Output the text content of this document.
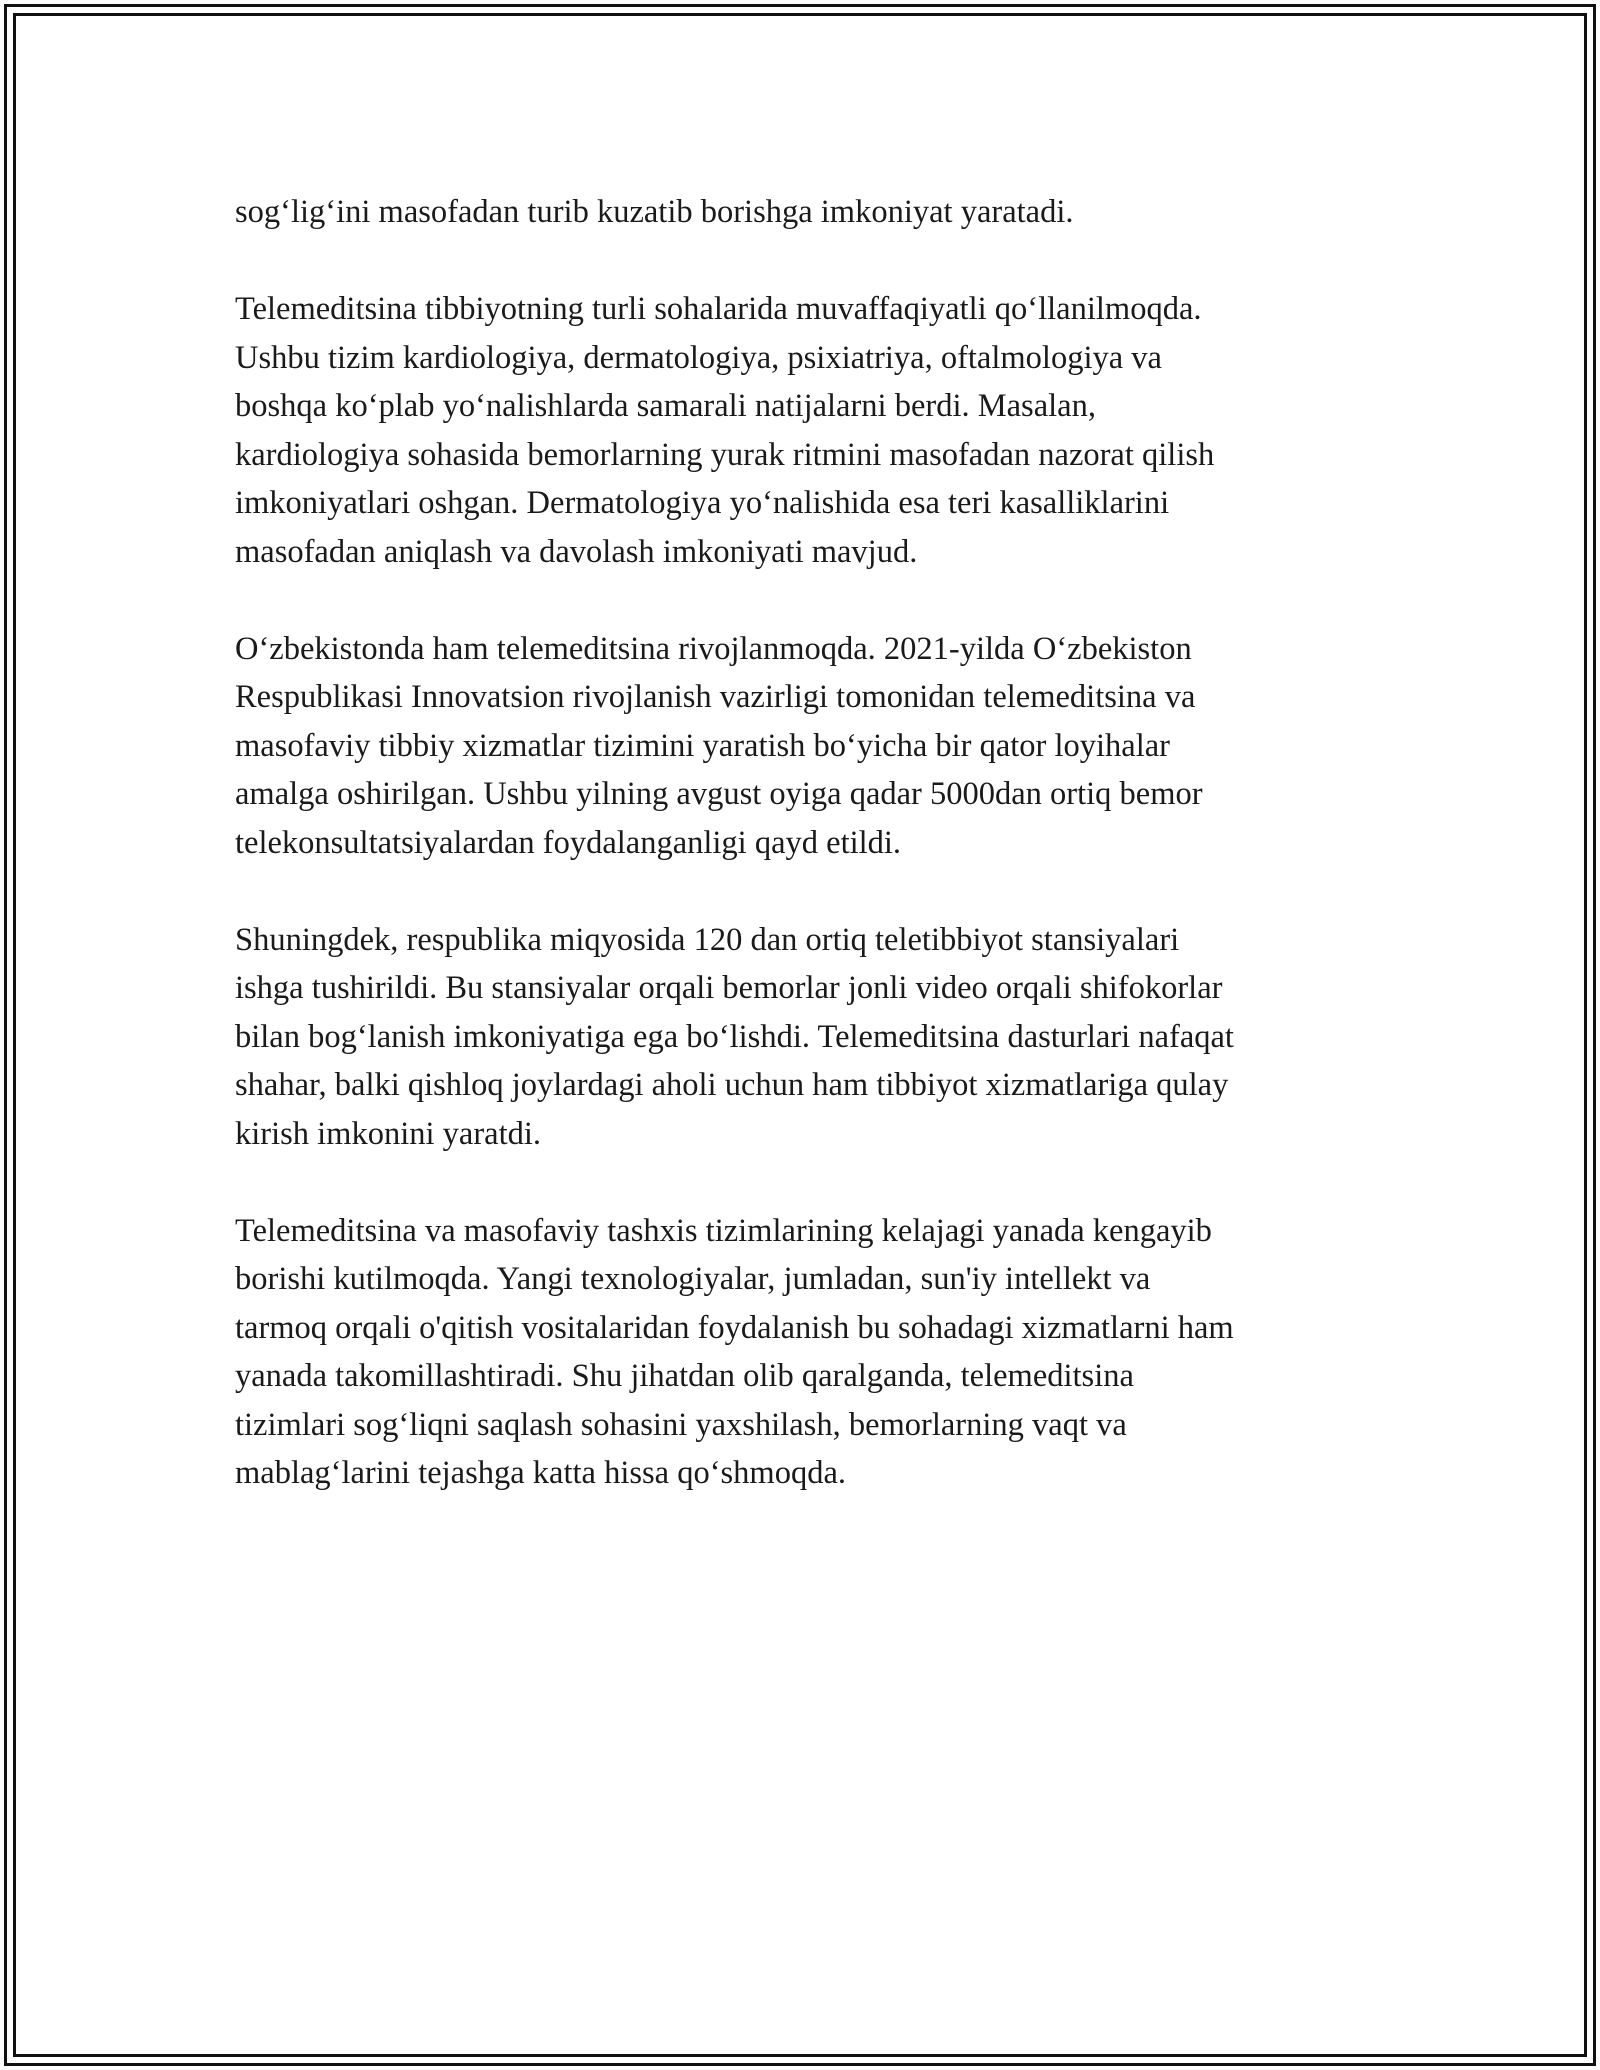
sog‘lig‘ini masofadan turib kuzatib borishga imkoniyat yaratadi.

Telemeditsina tibbiyotning turli sohalarida muvaffaqiyatli qo‘llanilmoqda.
Ushbu tizim kardiologiya, dermatologiya, psixiatriya, oftalmologiya va
boshqa ko‘plab yo‘nalishlarda samarali natijalarni berdi. Masalan,
kardiologiya sohasida bemorlarning yurak ritmini masofadan nazorat qilish
imkoniyatlari oshgan. Dermatologiya yo‘nalishida esa teri kasalliklarini
masofadan aniqlash va davolash imkoniyati mavjud.

O‘zbekistonda ham telemeditsina rivojlanmoqda. 2021-yilda O‘zbekiston
Respublikasi Innovatsion rivojlanish vazirligi tomonidan telemeditsina va
masofaviy tibbiy xizmatlar tizimini yaratish bo‘yicha bir qator loyihalar
amalga oshirilgan. Ushbu yilning avgust oyiga qadar 5000dan ortiq bemor
telekonsultatsiyalardan foydalanganligi qayd etildi.

Shuningdek, respublika miqyosida 120 dan ortiq teletibbiyot stansiyalari
ishga tushirildi. Bu stansiyalar orqali bemorlar jonli video orqali shifokorlar
bilan bog‘lanish imkoniyatiga ega bo‘lishdi. Telemeditsina dasturlari nafaqat
shahar, balki qishloq joylardagi aholi uchun ham tibbiyot xizmatlariga qulay
kirish imkonini yaratdi.

Telemeditsina va masofaviy tashxis tizimlarining kelajagi yanada kengayib
borishi kutilmoqda. Yangi texnologiyalar, jumladan, sun'iy intellekt va
tarmoq orqali o'qitish vositalaridan foydalanish bu sohadagi xizmatlarni ham
yanada takomillashtiradi. Shu jihatdan olib qaralganda, telemeditsina
tizimlari sog‘liqni saqlash sohasini yaxshilash, bemorlarning vaqt va
mablag‘larini tejashga katta hissa qo‘shmoqda.
